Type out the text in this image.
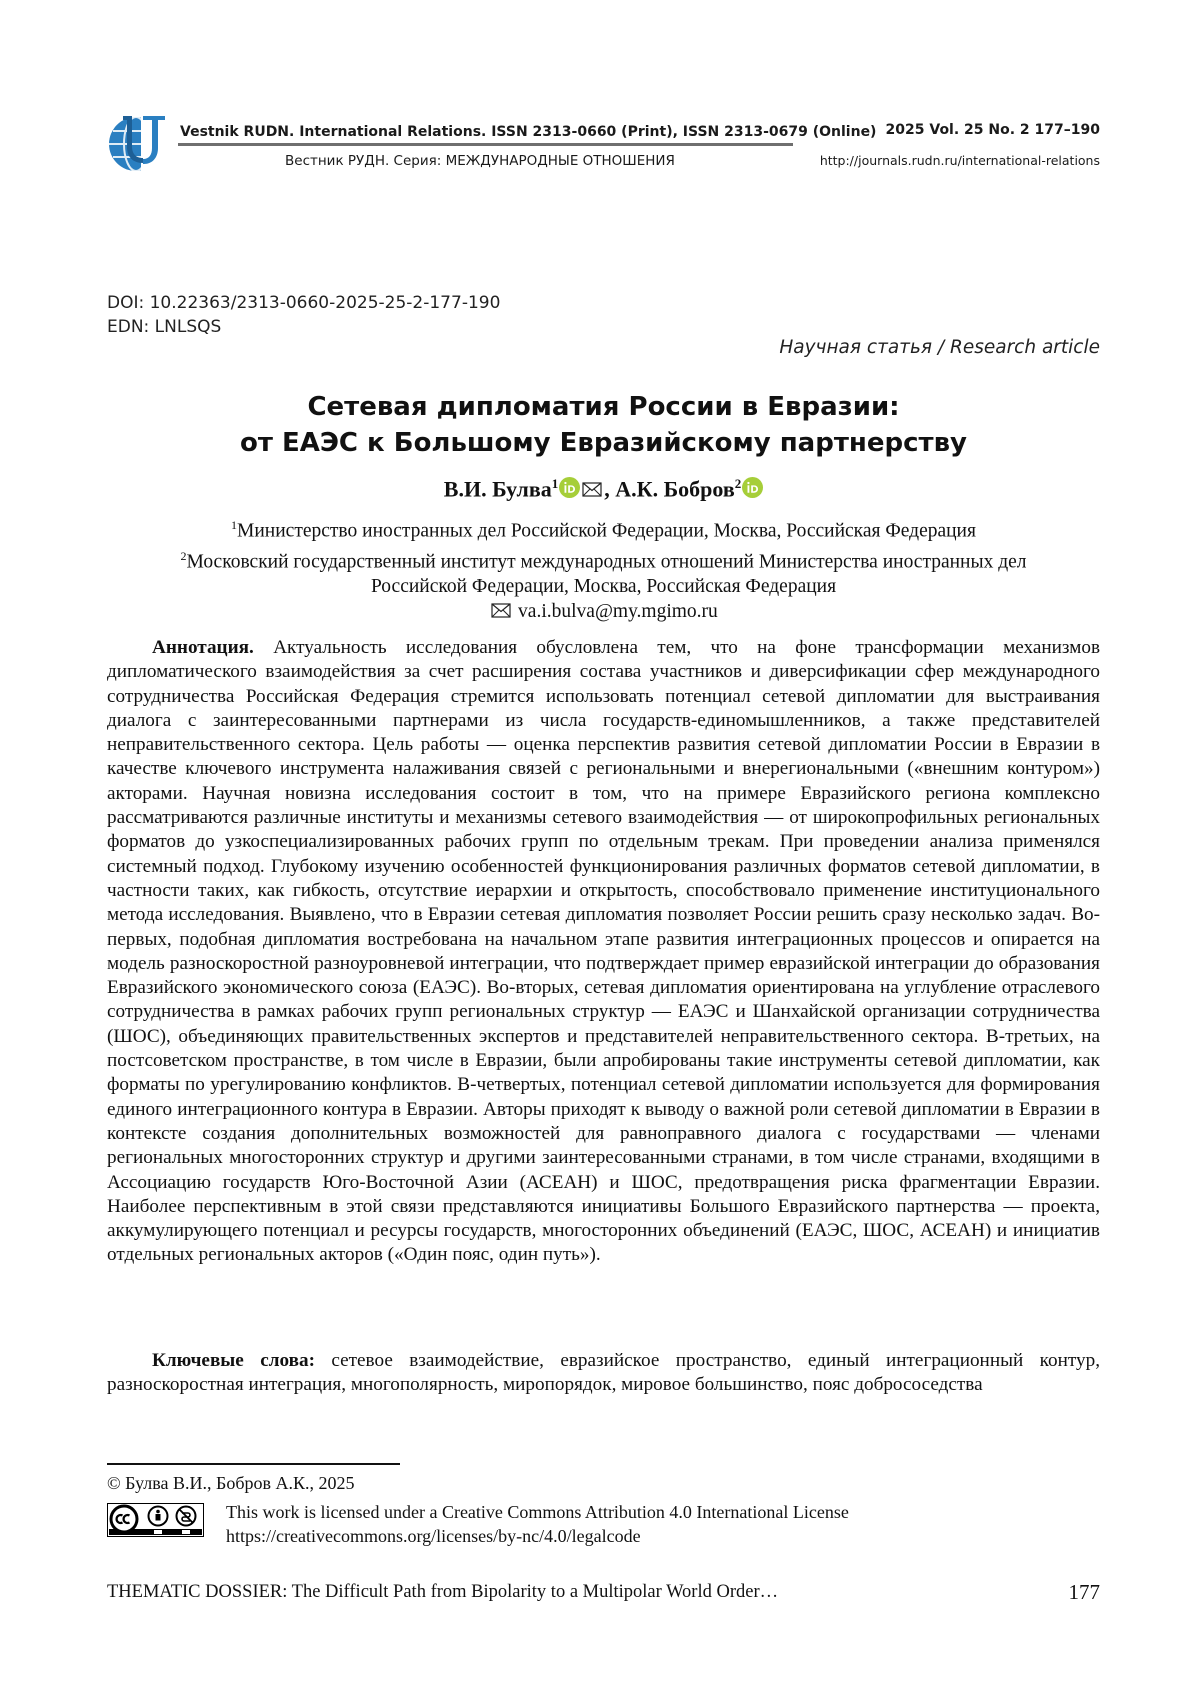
Vestnik RUDN. International Relations. ISSN 2313-0660 (Print), ISSN 2313-0679 (Online)
Вестник РУДН. Серия: МЕЖДУНАРОДНЫЕ ОТНОШЕНИЯ
2025 Vol. 25 No. 2 177–190
http://journals.rudn.ru/international-relations
DOI: 10.22363/2313-0660-2025-25-2-177-190
EDN: LNLSQS
Научная статья / Research article
Сетевая дипломатия России в Евразии:
от ЕАЭС к Большому Евразийскому партнерству
В.И. Булва$^1$ , А.К. Бобров$^2$
$^1$Министерство иностранных дел Российской Федерации, Москва, Российская Федерация
$^2$Московский государственный институт международных отношений Министерства иностранных дел
Российской Федерации, Москва, Российская Федерация
va.i.bulva@my.mgimo.ru

Аннотация. Актуальность исследования обусловлена тем, что на фоне трансформации механизмов дипломатического взаимодействия за счет расширения состава участников и диверсификации сфер международного сотрудничества Российская Федерация стремится использовать потенциал сетевой дипломатии для выстраивания диалога с заинтересованными партнерами из числа государств-единомышленников, а также представителей неправительственного сектора. Цель работы — оценка перспектив развития сетевой дипломатии России в Евразии в качестве ключевого инструмента налаживания связей с региональными и внерегиональными («внешним контуром») акторами. Научная новизна исследования состоит в том, что на примере Евразийского региона комплексно рассматриваются различные институты и механизмы сетевого взаимодействия — от широкопрофильных региональных форматов до узкоспециализированных рабочих групп по отдельным трекам. При проведении анализа применялся системный подход. Глубокому изучению особенностей функционирования различных форматов сетевой дипломатии, в частности таких, как гибкость, отсутствие иерархии и открытость, способствовало применение институционального метода исследования. Выявлено, что в Евразии сетевая дипломатия позволяет России решить сразу несколько задач. Во-первых, подобная дипломатия востребована на начальном этапе развития интеграционных процессов и опирается на модель разноскоростной разноуровневой интеграции, что подтверждает пример евразийской интеграции до образования Евразийского экономического союза (ЕАЭС). Во-вторых, сетевая дипломатия ориентирована на углубление отраслевого сотрудничества в рамках рабочих групп региональных структур — ЕАЭС и Шанхайской организации сотрудничества (ШОС), объединяющих правительственных экспертов и представителей неправительственного сектора. В-третьих, на постсоветском пространстве, в том числе в Евразии, были апробированы такие инструменты сетевой дипломатии, как форматы по урегулированию конфликтов. В-четвертых, потенциал сетевой дипломатии используется для формирования единого интеграционного контура в Евразии. Авторы приходят к выводу о важной роли сетевой дипломатии в Евразии в контексте создания дополнительных возможностей для равноправного диалога с государствами — членами региональных многосторонних структур и другими заинтересованными странами, в том числе странами, входящими в Ассоциацию государств Юго-Восточной Азии (АСЕАН) и ШОС, предотвращения риска фрагментации Евразии. Наиболее перспективным в этой связи представляются инициативы Большого Евразийского партнерства — проекта, аккумулирующего потенциал и ресурсы государств, многосторонних объединений (ЕАЭС, ШОС, АСЕАН) и инициатив отдельных региональных акторов («Один пояс, один путь»).

Ключевые слова: сетевое взаимодействие, евразийское пространство, единый интеграционный контур, разноскоростная интеграция, многополярность, миропорядок, мировое большинство, пояс добрососедства

© Булва В.И., Бобров А.К., 2025
This work is licensed under a Creative Commons Attribution 4.0 International License
https://creativecommons.org/licenses/by-nc/4.0/legalcode
THEMATIC DOSSIER: The Difficult Path from Bipolarity to a Multipolar World Order…	177
